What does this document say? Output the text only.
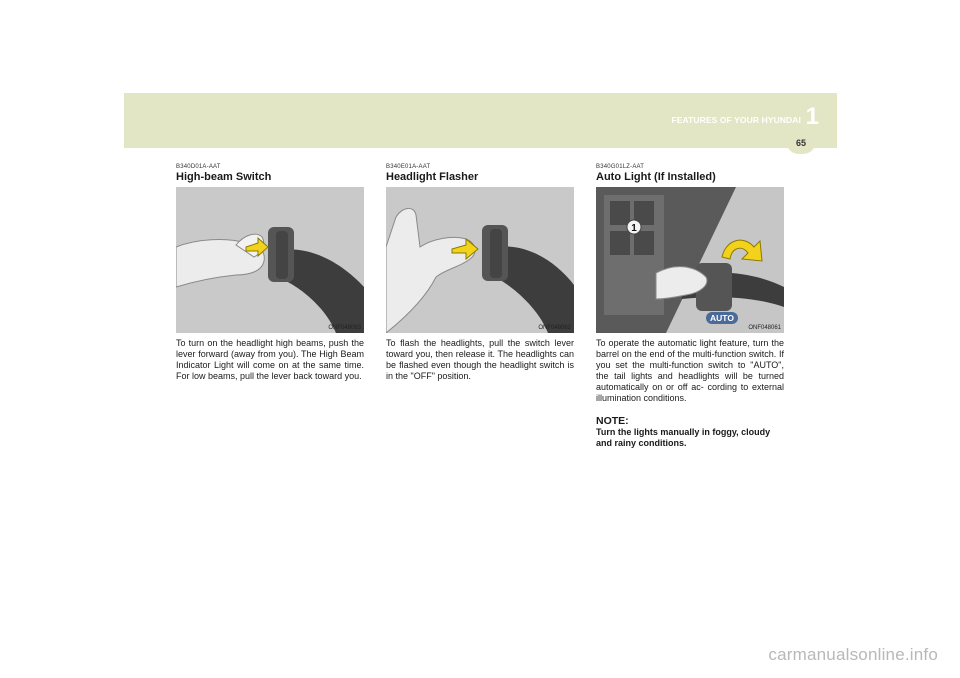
FEATURES OF YOUR HYUNDAI 1
65
B340D01A-AAT
High-beam Switch
ONF048063

To turn on the headlight high beams, push the lever forward (away from you). The High Beam Indicator Light will come on at the same time. For low beams, pull the lever back toward you.

B340E01A-AAT
Headlight Flasher
ONF048062

To flash the headlights, pull the switch lever toward you, then release it. The headlights can be flashed even though the headlight switch is in the "OFF" position.

B340G01LZ-AAT
Auto Light (If Installed)
1
AUTO
ONF048061

To operate the automatic light feature, turn the barrel on the end of the multi-function switch. If you set the multi-function switch to "AUTO", the tail lights and headlights will be turned automatically on or off ac- cording to external illumination conditions.

NOTE:
Turn the lights manually in foggy, cloudy and rainy conditions.
carmanualsonline.info
